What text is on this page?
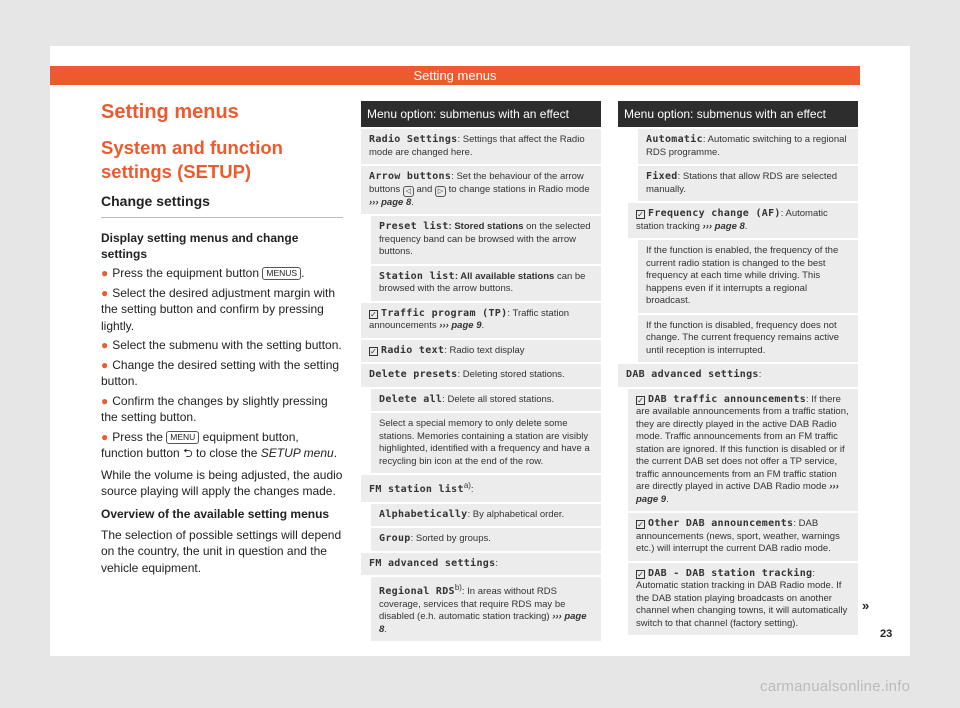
Setting menus
Setting menus
System and function settings (SETUP)
Change settings
Display setting menus and change settings
● Press the equipment button MENUS .
● Select the desired adjustment margin with the setting button and confirm by pressing lightly.
● Select the submenu with the setting button.
● Change the desired setting with the setting button.
● Confirm the changes by slightly pressing the setting button.
● Press the MENU equipment button, function button ⮌ to close the SETUP menu.
While the volume is being adjusted, the audio source playing will apply the changes made.
Overview of the available setting menus
The selection of possible settings will depend on the country, the unit in question and the vehicle equipment.
Menu option: submenus with an effect
Radio Settings: Settings that affect the Radio mode are changed here.
Arrow buttons: Set the behaviour of the arrow buttons ◁ and ▷ to change stations in Radio mode ››› page 8.
Preset list: Stored stations on the selected frequency band can be browsed with the arrow buttons.
Station list: All available stations can be browsed with the arrow buttons.
✓ Traffic program (TP): Traffic station announcements ››› page 9.
✓ Radio text: Radio text display
Delete presets: Deleting stored stations.
Delete all: Delete all stored stations.
Select a special memory to only delete some stations. Memories containing a station are visibly highlighted, identified with a frequency and have a recycling bin icon at the end of the row.
FM station list$^{a)}$:
Alphabetically: By alphabetical order.
Group: Sorted by groups.
FM advanced settings:
Regional RDS$^{b)}$: In areas without RDS coverage, services that require RDS may be disabled (e.h. automatic station tracking) ››› page 8.
Menu option: submenus with an effect
Automatic: Automatic switching to a regional RDS programme.
Fixed: Stations that allow RDS are selected manually.
✓ Frequency change (AF): Automatic station tracking ››› page 8.
If the function is enabled, the frequency of the current radio station is changed to the best frequency at each time while driving. This happens even if it interrupts a regional broadcast.
If the function is disabled, frequency does not change. The current frequency remains active until reception is interrupted.
DAB advanced settings:
✓ DAB traffic announcements: If there are available announcements from a traffic station, they are directly played in the active DAB Radio mode. Traffic announcements from an FM traffic station are ignored. If this function is disabled or if the current DAB set does not offer a TP service, traffic announcements from an FM traffic station are directly played in active DAB Radio mode ››› page 9.
✓ Other DAB announcements: DAB announcements (news, sport, weather, warnings etc.) will interrupt the current DAB radio mode.
✓ DAB - DAB station tracking: Automatic station tracking in DAB Radio mode. If the DAB station playing broadcasts on another channel when changing towns, it will automatically switch to that channel (factory setting).
»
23
carmanualsonline.info
